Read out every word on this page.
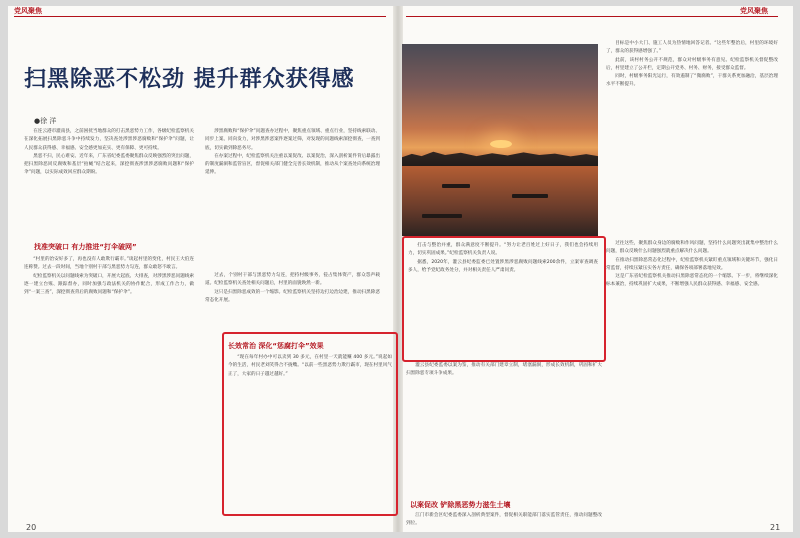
党风聚焦
扫黑除恶不松劲 提升群众获得感
●徐 洋

在连云港市灌南县，之前困扰当地群众的打击黑恶势力工作，各级纪检监察机关在深化拓展扫黑除恶斗争中持续发力，坚决查处涉黑涉恶腐败和“保护伞”问题，让人民群众获得感、幸福感、安全感更加充实、更有保障、更可持续。

黑恶不扫，民心难安。近年来，广东省纪委监委聚焦群众反映强烈的突出问题，把扫黑除恶同反腐败和基层“拍蝇”结合起来，深挖彻查涉黑涉恶腐败问题和“保护伞”问题，以实际成效回应群众期盼。

找准突破口 有力推进“打伞破网”

“村里的治安好多了，再也没有人敢欺行霸市。”谈起村里的变化，村民王大伯连连称赞。过去一段时间，当地个别村干部与黑恶势力勾连，群众敢怒不敢言。

纪检监察机关以问题线索为突破口，开展大起底、大排查，对涉黑涉恶问题线索逐一建立台账、跟踪督办，同时加强与政法机关的协作配合，形成工作合力，做到“一案三查”，深挖彻查背后的腐败问题和“保护伞”。

涉黑腐败和“保护伞”问题查办过程中，聚焦重点领域、重点行业，坚持线索联动、同步上案、同向发力，对涉黑涉恶案件逐案过筛，对发现的问题线索深挖彻查，一查到底，切实做到除恶务尽。

在办案过程中，纪检监察机关注重以案促改、以案促治，深入剖析案件背后暴露出的制度漏洞和监管盲区，督促相关部门健全完善长效机制，推动从个案查处向系统治理延伸。

过去，个别村干部与黑恶势力勾连，把持村级事务，侵占集体资产，群众怨声载道。纪检监察机关查处相关问题后，村里的面貌焕然一新。

这只是扫黑除恶成效的一个缩影。纪检监察机关坚持边打边治边建，推动扫黑除恶常态化开展。

长效常治 深化“惩腐打伞”效果

“现在每年村办中可以卖到 30 多元，在村里一天就能赚 400 多元。”说起如今的生活，村民老刘笑得合不拢嘴。“以前一些黑恶势力欺行霸市，现在村里风气正了，大家的日子越过越好。”

20
党风聚焦

目标是中小大门、施工人员为热情地回答记者。“这些年整治后，村里的环境好了，群众的获得感增强了。”

此前，该村村务公开不规范，群众对村级事务有意见。纪检监察机关督促整改后，村里建立了公开栏，定期公开党务、村务、财务，接受群众监督。

同时，村级事务阳光运行，有效遏制了“微腐败”，干群关系更加融洽，基层治理水平不断提升。

打击与整治并重，群众满意度不断提升。“努力让老百姓过上好日子，我们也会持续用力，切实巩固成果。”纪检监察机关负责人说。

据悉，2020年，灌云县纪委监委已处置涉黑涉恶腐败问题线索200余件，立案审查调查多人，给予党纪政务处分，并对相关责任人严肃问责。

灌云县纪委监委以案为鉴，推动有关部门建章立制，堵塞漏洞，形成长效机制，巩固和扩大扫黑除恶专项斗争成果。

过往这些，聚焦群众身边的腐败和作风问题，坚持什么问题突出就集中整治什么问题，群众反映什么问题强烈就重点解决什么问题。

在推动扫黑除恶常态化过程中，纪检监察机关紧盯重点领域和关键环节，强化日常监督，持续压紧压实各方责任，确保各项部署落地见效。

这是广东省纪检监察机关推动扫黑除恶常态化的一个缩影。下一步，将继续深化标本兼治，持续巩固扩大成果，不断增强人民群众获得感、幸福感、安全感。

以案促改 铲除黑恶势力滋生土壤

江门市新会区纪委监委深入剖析典型案件，督促相关职能部门落实监管责任，推动问题整改到位。	21
